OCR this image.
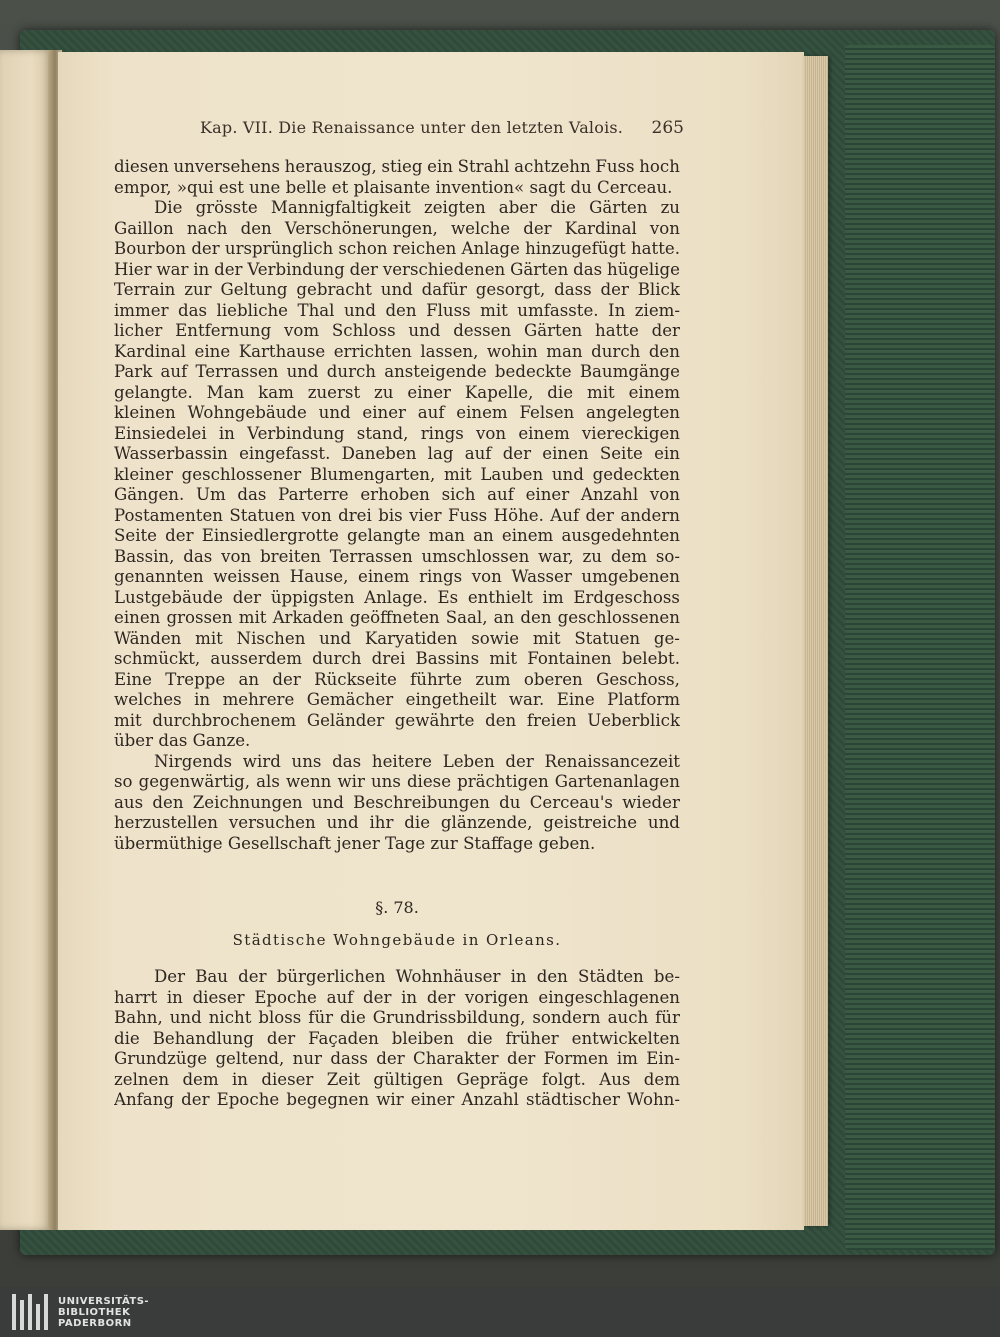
Kap. VII. Die Renaissance unter den letzten Valois. 265
diesen unversehens herauszog, stieg ein Strahl achtzehn Fuss hoch
empor, »qui est une belle et plaisante invention« sagt du Cerceau.
Die grösste Mannigfaltigkeit zeigten aber die Gärten zu
Gaillon nach den Verschönerungen, welche der Kardinal von
Bourbon der ursprünglich schon reichen Anlage hinzugefügt hatte.
Hier war in der Verbindung der verschiedenen Gärten das hügelige
Terrain zur Geltung gebracht und dafür gesorgt, dass der Blick
immer das liebliche Thal und den Fluss mit umfasste. In ziem-
licher Entfernung vom Schloss und dessen Gärten hatte der
Kardinal eine Karthause errichten lassen, wohin man durch den
Park auf Terrassen und durch ansteigende bedeckte Baumgänge
gelangte. Man kam zuerst zu einer Kapelle, die mit einem
kleinen Wohngebäude und einer auf einem Felsen angelegten
Einsiedelei in Verbindung stand, rings von einem viereckigen
Wasserbassin eingefasst. Daneben lag auf der einen Seite ein
kleiner geschlossener Blumengarten, mit Lauben und gedeckten
Gängen. Um das Parterre erhoben sich auf einer Anzahl von
Postamenten Statuen von drei bis vier Fuss Höhe. Auf der andern
Seite der Einsiedlergrotte gelangte man an einem ausgedehnten
Bassin, das von breiten Terrassen umschlossen war, zu dem so-
genannten weissen Hause, einem rings von Wasser umgebenen
Lustgebäude der üppigsten Anlage. Es enthielt im Erdgeschoss
einen grossen mit Arkaden geöffneten Saal, an den geschlossenen
Wänden mit Nischen und Karyatiden sowie mit Statuen ge-
schmückt, ausserdem durch drei Bassins mit Fontainen belebt.
Eine Treppe an der Rückseite führte zum oberen Geschoss,
welches in mehrere Gemächer eingetheilt war. Eine Platform
mit durchbrochenem Geländer gewährte den freien Ueberblick
über das Ganze.
Nirgends wird uns das heitere Leben der Renaissancezeit
so gegenwärtig, als wenn wir uns diese prächtigen Gartenanlagen
aus den Zeichnungen und Beschreibungen du Cerceau's wieder
herzustellen versuchen und ihr die glänzende, geistreiche und
übermüthige Gesellschaft jener Tage zur Staffage geben.
§. 78.
Städtische Wohngebäude in Orleans.
Der Bau der bürgerlichen Wohnhäuser in den Städten be-
harrt in dieser Epoche auf der in der vorigen eingeschlagenen
Bahn, und nicht bloss für die Grundrissbildung, sondern auch für
die Behandlung der Façaden bleiben die früher entwickelten
Grundzüge geltend, nur dass der Charakter der Formen im Ein-
zelnen dem in dieser Zeit gültigen Gepräge folgt. Aus dem
Anfang der Epoche begegnen wir einer Anzahl städtischer Wohn-
UNIVERSITÄTS-
BIBLIOTHEK
PADERBORN
